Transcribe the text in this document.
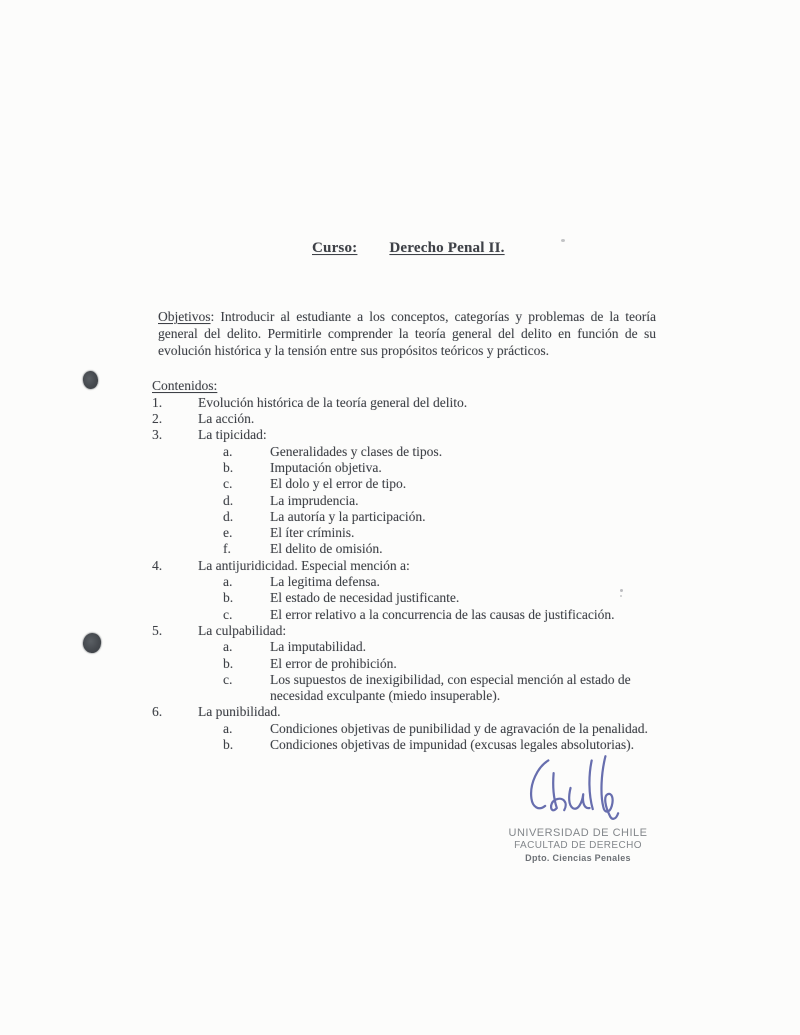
Curso: Derecho Penal II.

Objetivos: Introducir al estudiante a los conceptos, categorías y problemas de la teoría general del delito. Permitirle comprender la teoría general del delito en función de su evolución histórica y la tensión entre sus propósitos teóricos y prácticos.

Contenidos:
1.	Evolución histórica de la teoría general del delito.
2.	La acción.
3.	La tipicidad:
a.	Generalidades y clases de tipos.
b.	Imputación objetiva.
c.	El dolo y el error de tipo.
d.	La imprudencia.
d.	La autoría y la participación.
e.	El íter críminis.
f.	El delito de omisión.
4.	La antijuridicidad. Especial mención a:
a.	La legitima defensa.
b.	El estado de necesidad justificante.
c.	El error relativo a la concurrencia de las causas de justificación.
5.	La culpabilidad:
a.	La imputabilidad.
b.	El error de prohibición.
c.	Los supuestos de inexigibilidad, con especial mención al estado de necesidad exculpante (miedo insuperable).
6.	La punibilidad.
a.	Condiciones objetivas de punibilidad y de agravación de la penalidad.
b.	Condiciones objetivas de impunidad (excusas legales absolutorias).
UNIVERSIDAD DE CHILE
FACULTAD DE DERECHO
Dpto. Ciencias Penales
